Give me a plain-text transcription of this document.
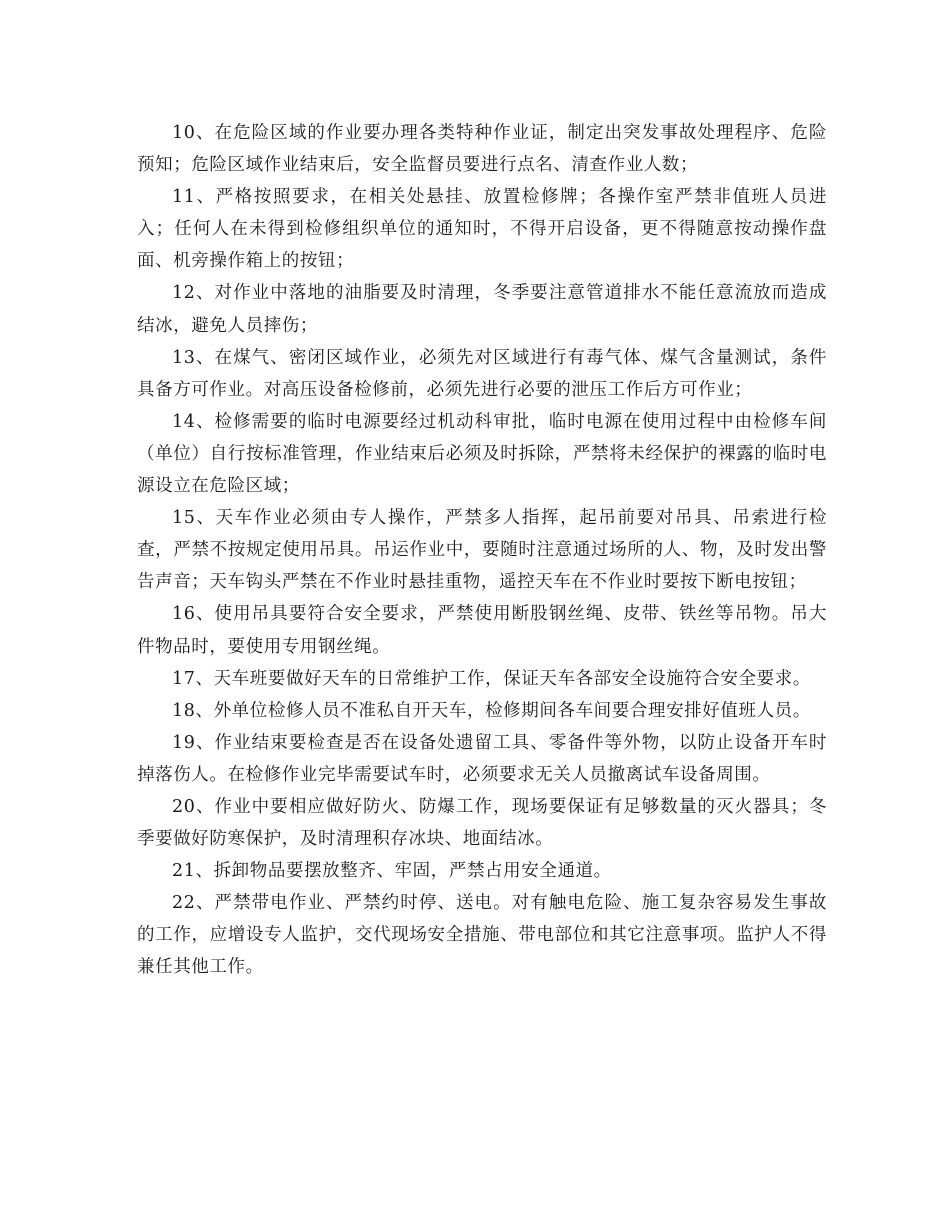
10、在危险区域的作业要办理各类特种作业证，制定出突发事故处理程序、危险预知；危险区域作业结束后，安全监督员要进行点名、清查作业人数；

11、严格按照要求，在相关处悬挂、放置检修牌；各操作室严禁非值班人员进入；任何人在未得到检修组织单位的通知时，不得开启设备，更不得随意按动操作盘面、机旁操作箱上的按钮；

12、对作业中落地的油脂要及时清理，冬季要注意管道排水不能任意流放而造成结冰，避免人员摔伤；

13、在煤气、密闭区域作业，必须先对区域进行有毒气体、煤气含量测试，条件具备方可作业。对高压设备检修前，必须先进行必要的泄压工作后方可作业；

14、检修需要的临时电源要经过机动科审批，临时电源在使用过程中由检修车间（单位）自行按标准管理，作业结束后必须及时拆除，严禁将未经保护的裸露的临时电源设立在危险区域；

15、天车作业必须由专人操作，严禁多人指挥，起吊前要对吊具、吊索进行检查，严禁不按规定使用吊具。吊运作业中，要随时注意通过场所的人、物，及时发出警告声音；天车钩头严禁在不作业时悬挂重物，遥控天车在不作业时要按下断电按钮；

16、使用吊具要符合安全要求，严禁使用断股钢丝绳、皮带、铁丝等吊物。吊大件物品时，要使用专用钢丝绳。

17、天车班要做好天车的日常维护工作，保证天车各部安全设施符合安全要求。

18、外单位检修人员不准私自开天车，检修期间各车间要合理安排好值班人员。

19、作业结束要检查是否在设备处遗留工具、零备件等外物，以防止设备开车时掉落伤人。在检修作业完毕需要试车时，必须要求无关人员撤离试车设备周围。

20、作业中要相应做好防火、防爆工作，现场要保证有足够数量的灭火器具；冬季要做好防寒保护，及时清理积存冰块、地面结冰。

21、拆卸物品要摆放整齐、牢固，严禁占用安全通道。

22、严禁带电作业、严禁约时停、送电。对有触电危险、施工复杂容易发生事故的工作，应增设专人监护，交代现场安全措施、带电部位和其它注意事项。监护人不得兼任其他工作。
